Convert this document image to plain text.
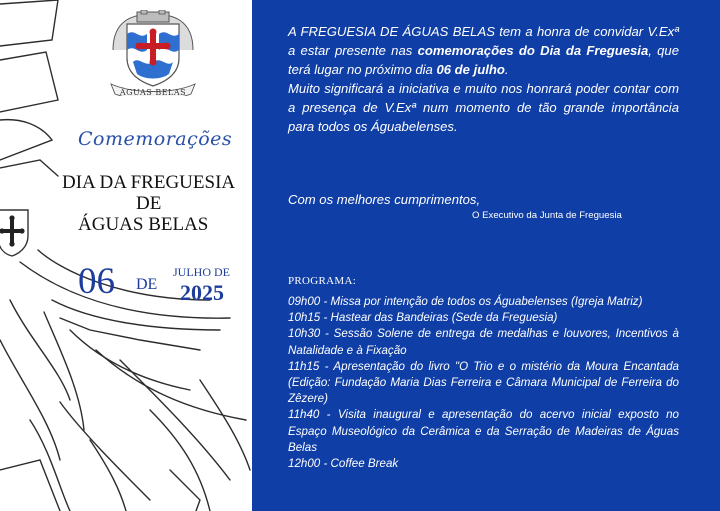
ÁGUAS BELAS
Comemorações
DIA DA FREGUESIA
DE
ÁGUAS BELAS
06 DE
JULHO DE
2025
A FREGUESIA DE ÁGUAS BELAS tem a honra de convidar V.Exª a estar presente nas comemorações do Dia da Freguesia, que terá lugar no próximo dia 06 de julho.
Muito significará a iniciativa e muito nos honrará poder contar com a presença de V.Exª num momento de tão grande importância para todos os Águabelenses.
Com os melhores cumprimentos,
O Executivo da Junta de Freguesia
PROGRAMA:
09h00 - Missa por intenção de todos os Águabelenses (Igreja Matriz)
10h15 - Hastear das Bandeiras (Sede da Freguesia)
10h30 - Sessão Solene de entrega de medalhas e louvores, Incentivos à Natalidade e à Fixação
11h15 - Apresentação do livro "O Trio e o mistério da Moura Encantada (Edição: Fundação Maria Dias Ferreira e Câmara Municipal de Ferreira do Zêzere)
11h40 - Visita inaugural e apresentação do acervo inicial exposto no Espaço Museológico da Cerâmica e da Serração de Madeiras de Águas Belas
12h00 - Coffee Break
